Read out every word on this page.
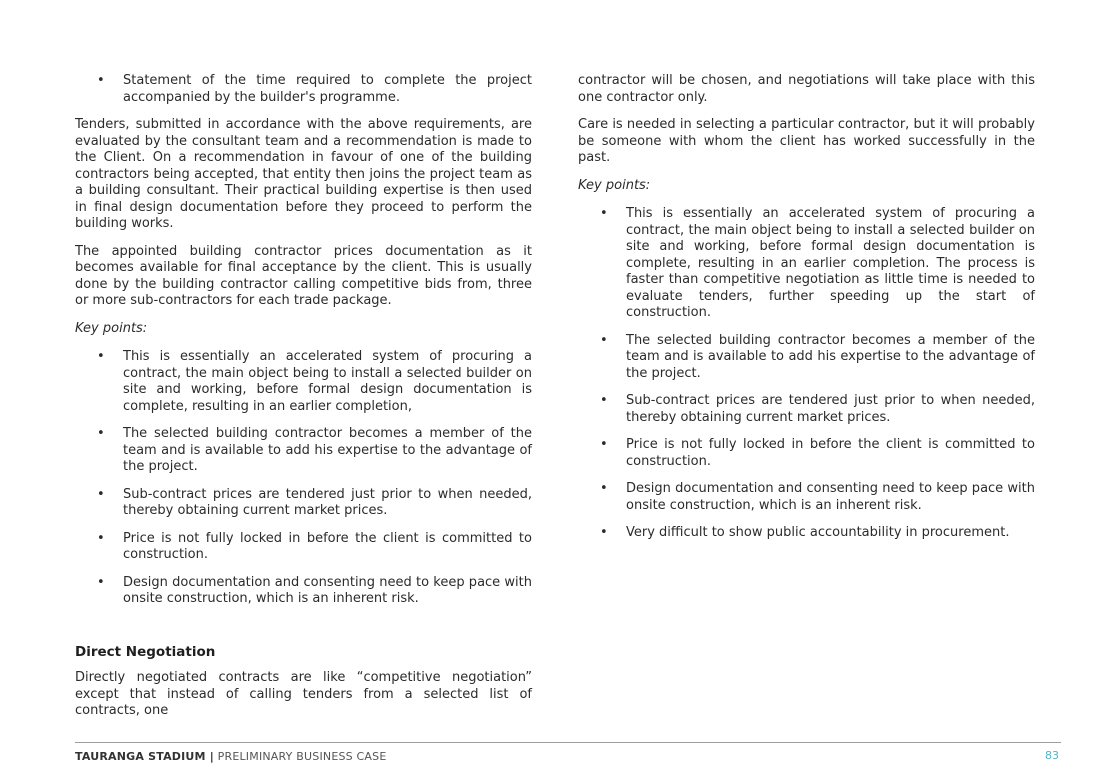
• Statement of the time required to complete the project accompanied by the builder's programme.

Tenders, submitted in accordance with the above requirements, are evaluated by the consultant team and a recommendation is made to the Client. On a recommendation in favour of one of the building contractors being accepted, that entity then joins the project team as a building consultant. Their practical building expertise is then used in final design documentation before they proceed to perform the building works.

The appointed building contractor prices documentation as it becomes available for final acceptance by the client. This is usually done by the building contractor calling competitive bids from, three or more sub-contractors for each trade package.

Key points:

• This is essentially an accelerated system of procuring a contract, the main object being to install a selected builder on site and working, before formal design documentation is complete, resulting in an earlier completion,
• The selected building contractor becomes a member of the team and is available to add his expertise to the advantage of the project.
• Sub-contract prices are tendered just prior to when needed, thereby obtaining current market prices.
• Price is not fully locked in before the client is committed to construction.
• Design documentation and consenting need to keep pace with onsite construction, which is an inherent risk.
Direct Negotiation

Directly negotiated contracts are like “competitive negotiation” except that instead of calling tenders from a selected list of contracts, one

contractor will be chosen, and negotiations will take place with this one contractor only.

Care is needed in selecting a particular contractor, but it will probably be someone with whom the client has worked successfully in the past.

Key points:

• This is essentially an accelerated system of procuring a contract, the main object being to install a selected builder on site and working, before formal design documentation is complete, resulting in an earlier completion. The process is faster than competitive negotiation as little time is needed to evaluate tenders, further speeding up the start of construction.
• The selected building contractor becomes a member of the team and is available to add his expertise to the advantage of the project.
• Sub-contract prices are tendered just prior to when needed, thereby obtaining current market prices.
• Price is not fully locked in before the client is committed to construction.
• Design documentation and consenting need to keep pace with onsite construction, which is an inherent risk.
• Very difficult to show public accountability in procurement.
TAURANGA STADIUM | PRELIMINARY BUSINESS CASE	83
